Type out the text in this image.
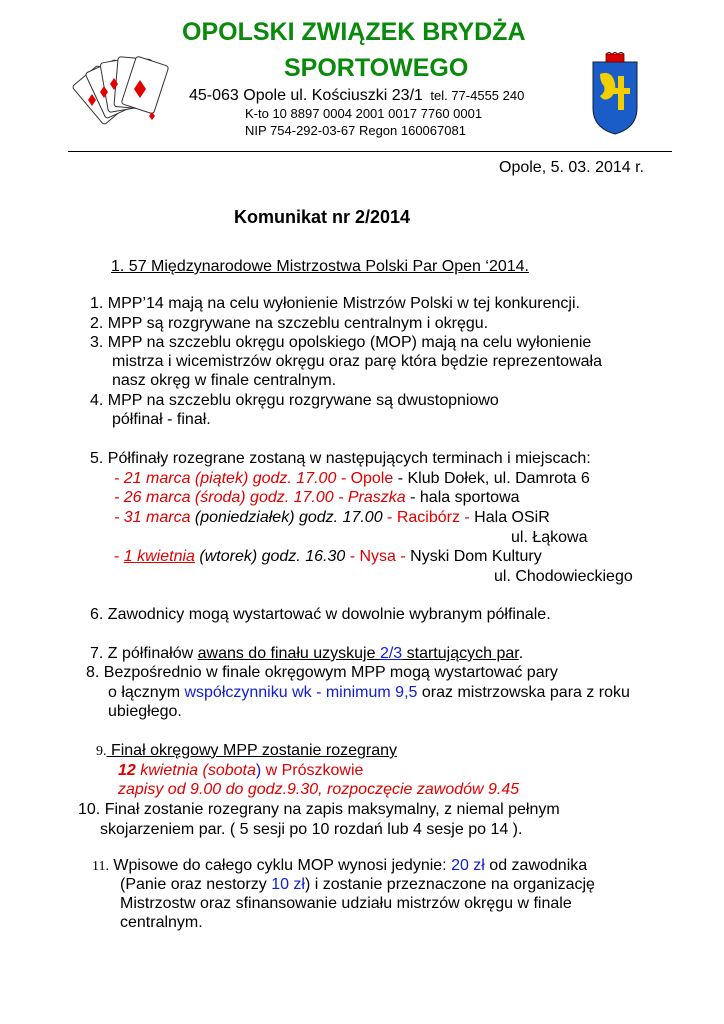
OPOLSKI ZWIĄZEK BRYDŻA
SPORTOWEGO
45-063 Opole ul. Kościuszki 23/1 tel. 77-4555 240
K-to 10 8897 0004 2001 0017 7760 0001
NIP 754-292-03-67 Regon 160067081
Opole, 5. 03. 2014 r.
Komunikat nr 2/2014
1. 57 Międzynarodowe Mistrzostwa Polski Par Open ‘2014.
1. MPP’14 mają na celu wyłonienie Mistrzów Polski w tej konkurencji.
2. MPP są rozgrywane na szczeblu centralnym i okręgu.
3. MPP na szczeblu okręgu opolskiego (MOP) mają na celu wyłonienie
mistrza i wicemistrzów okręgu oraz parę która będzie reprezentowała
nasz okręg w finale centralnym.
4. MPP na szczeblu okręgu rozgrywane są dwustopniowo
półfinał - finał.
5. Półfinały rozegrane zostaną w następujących terminach i miejscach:
- 21 marca (piątek) godz. 17.00 - Opole - Klub Dołek, ul. Damrota 6
- 26 marca (środa) godz. 17.00 - Praszka - hala sportowa
- 31 marca (poniedziałek) godz. 17.00 - Racibórz - Hala OSiR
ul. Łąkowa
- 1 kwietnia (wtorek) godz. 16.30 - Nysa - Nyski Dom Kultury
ul. Chodowieckiego
6. Zawodnicy mogą wystartować w dowolnie wybranym półfinale.
7. Z półfinałów awans do finału uzyskuje 2/3 startujących par.
8. Bezpośrednio w finale okręgowym MPP mogą wystartować pary
o łącznym współczynniku wk - minimum 9,5 oraz mistrzowska para z roku
ubiegłego.
9. Finał okręgowy MPP zostanie rozegrany
12 kwietnia (sobota) w Prószkowie
zapisy od 9.00 do godz.9.30, rozpoczęcie zawodów 9.45
10. Finał zostanie rozegrany na zapis maksymalny, z niemal pełnym
skojarzeniem par. ( 5 sesji po 10 rozdań lub 4 sesje po 14 ).
11. Wpisowe do całego cyklu MOP wynosi jedynie: 20 zł od zawodnika
(Panie oraz nestorzy 10 zł) i zostanie przeznaczone na organizację
Mistrzostw oraz sfinansowanie udziału mistrzów okręgu w finale
centralnym.
